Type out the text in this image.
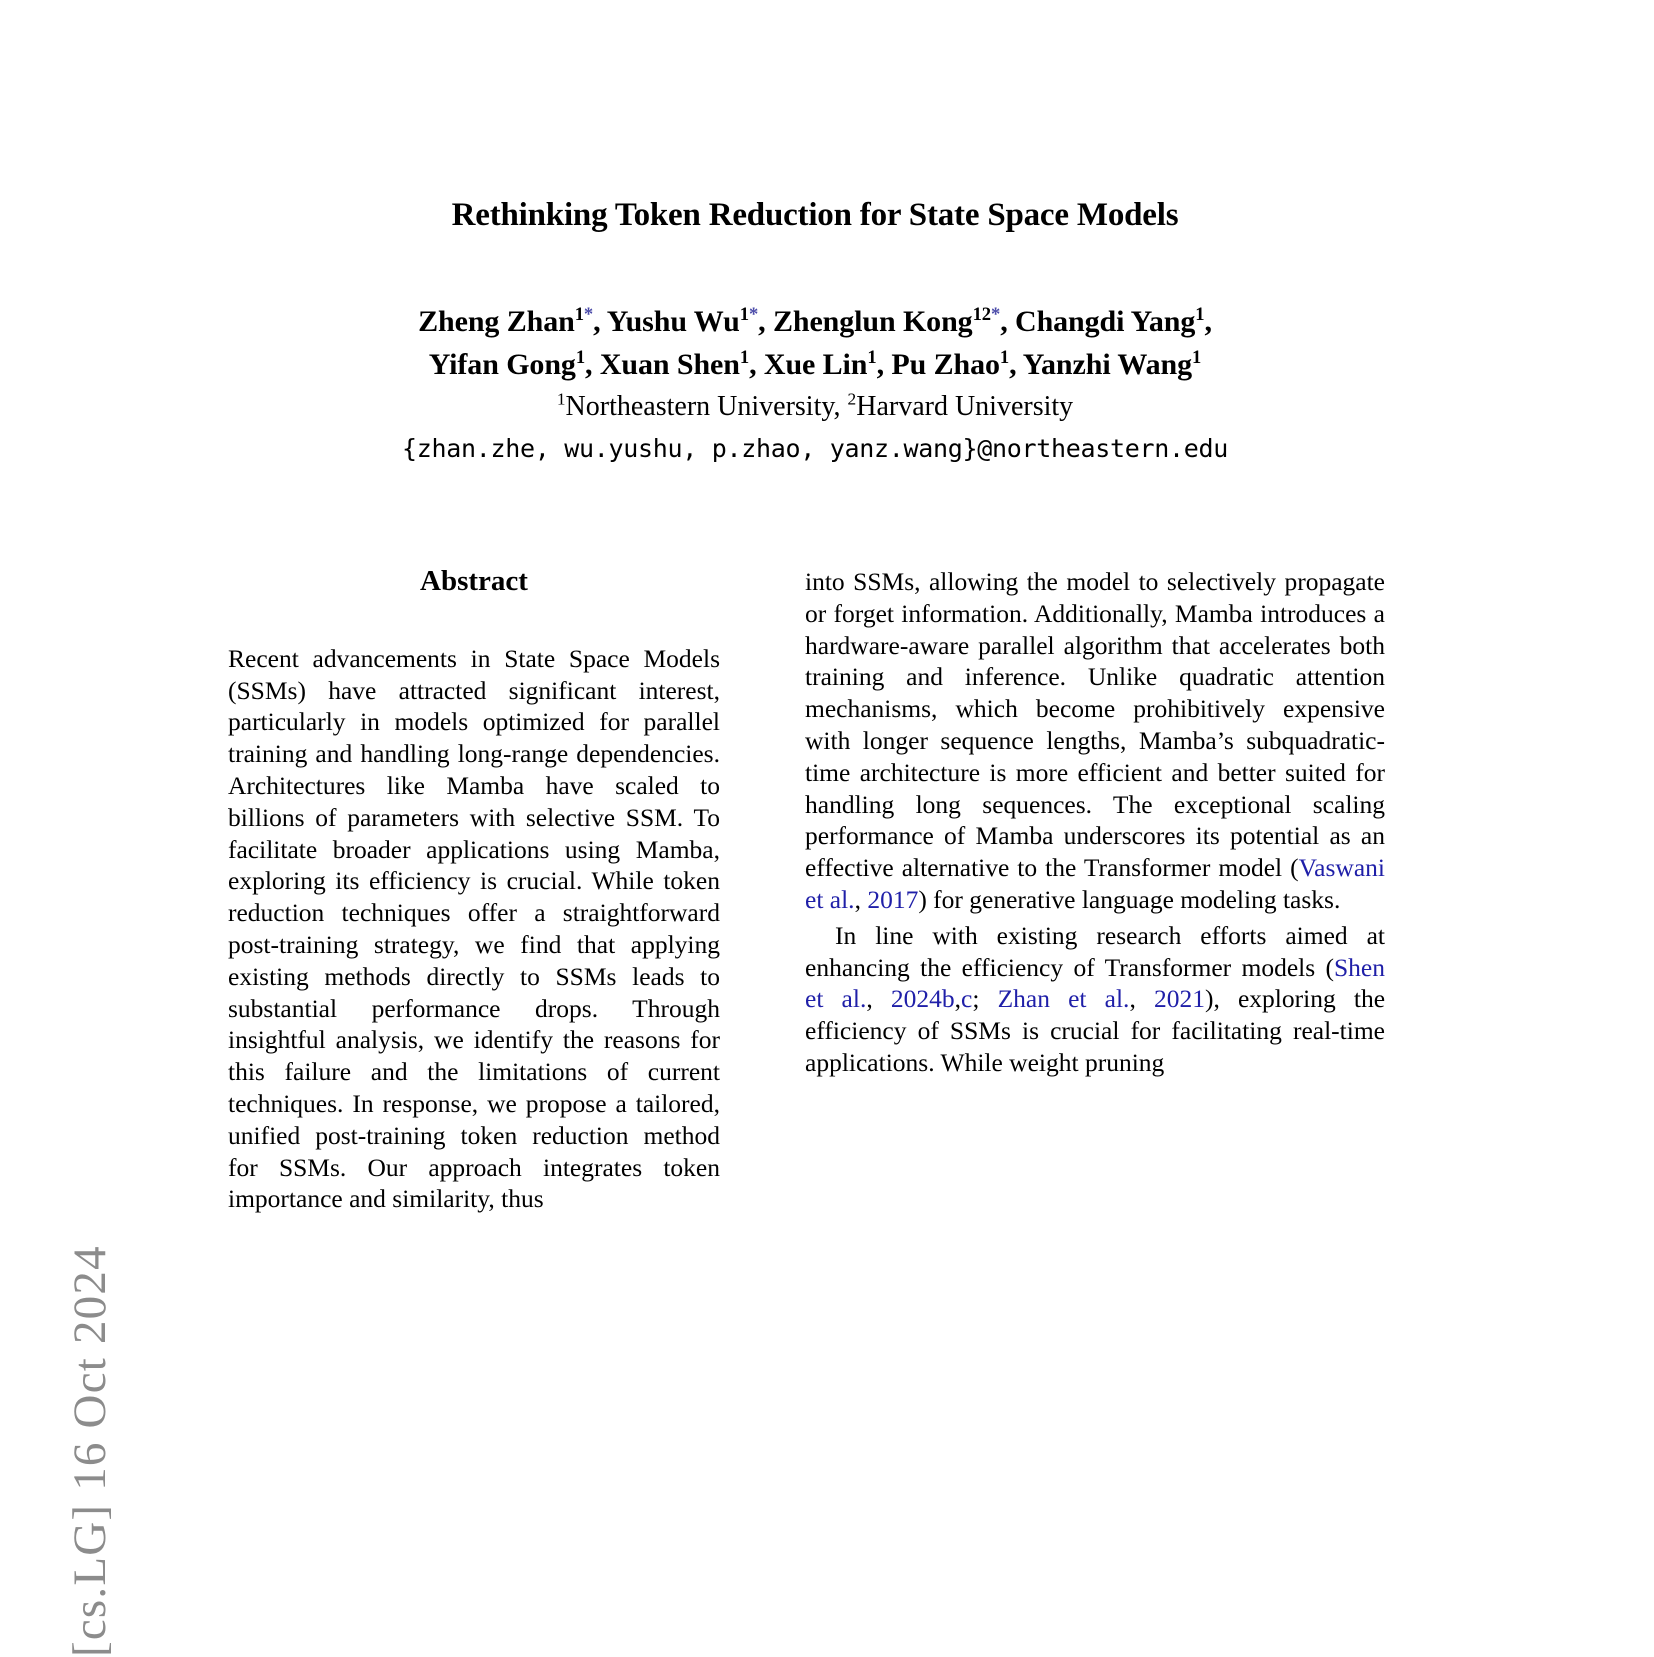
[cs.LG] 16 Oct 2024
Rethinking Token Reduction for State Space Models
Zheng Zhan$^{1*}$, Yushu $Wu^{1*}$, Zhenglun Kong$^{12*}$, Changdi Yang$^1$,
Yifan Gong$^1$, Xuan Shen$^1$, Xue Lin$^1$, Pu Zhao$^1$, Yanzhi Wang$^1$
$^1$Northeastern University, $^2$Harvard University
{zhan.zhe, wu.yushu, p.zhao, yanz.wang}@northeastern.edu
Abstract

Recent advancements in State Space Models (SSMs) have attracted significant interest, particularly in models optimized for parallel training and handling long-range dependencies. Architectures like Mamba have scaled to billions of parameters with selective SSM. To facilitate broader applications using Mamba, exploring its efficiency is crucial. While token reduction techniques offer a straightforward post-training strategy, we find that applying existing methods directly to SSMs leads to substantial performance drops. Through insightful analysis, we identify the reasons for this failure and the limitations of current techniques. In response, we propose a tailored, unified post-training token reduction method for SSMs. Our approach integrates token importance and similarity, thus

into SSMs, allowing the model to selectively propagate or forget information. Additionally, Mamba introduces a hardware-aware parallel algorithm that accelerates both training and inference. Unlike quadratic attention mechanisms, which become prohibitively expensive with longer sequence lengths, Mamba’s subquadratic-time architecture is more efficient and better suited for handling long sequences. The exceptional scaling performance of Mamba underscores its potential as an effective alternative to the Transformer model (Vaswani et al., 2017) for generative language modeling tasks.

In line with existing research efforts aimed at enhancing the efficiency of Transformer models (Shen et al., 2024b,c; Zhan et al., 2021), exploring the efficiency of SSMs is crucial for facilitating real-time applications. While weight pruning
